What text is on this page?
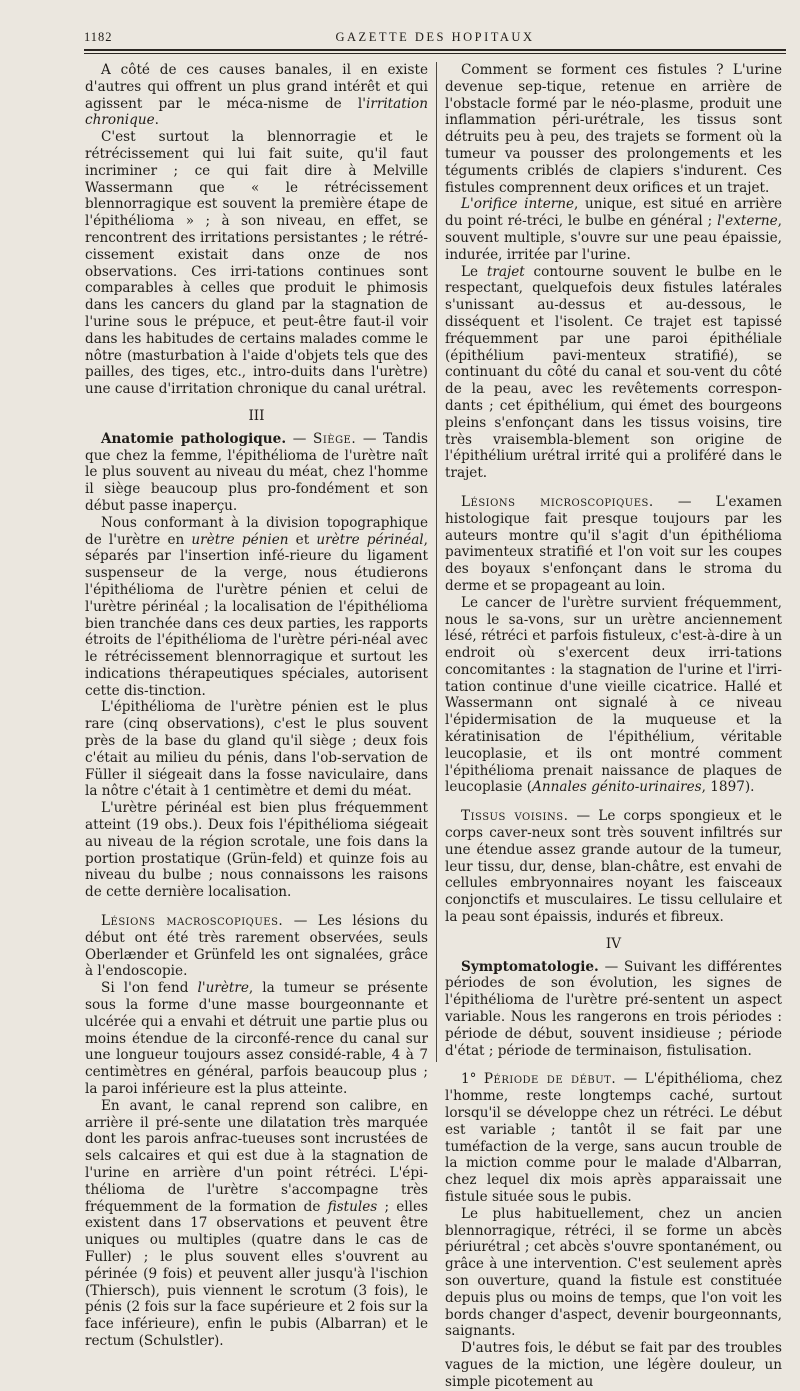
1182	GAZETTE DES HOPITAUX

A côté de ces causes banales, il en existe d'autres qui offrent un plus grand intérêt et qui agissent par le méca-nisme de l'irritation chronique.

C'est surtout la blennorragie et le rétrécissement qui lui fait suite, qu'il faut incriminer ; ce qui fait dire à Melville Wassermann que « le rétrécissement blennorragique est souvent la première étape de l'épithélioma » ; à son niveau, en effet, se rencontrent des irritations persistantes ; le rétré-cissement existait dans onze de nos observations. Ces irri-tations continues sont comparables à celles que produit le phimosis dans les cancers du gland par la stagnation de l'urine sous le prépuce, et peut-être faut-il voir dans les habitudes de certains malades comme le nôtre (masturbation à l'aide d'objets tels que des pailles, des tiges, etc., intro-duits dans l'urètre) une cause d'irritation chronique du canal urétral.

III

Anatomie pathologique. — Siège. — Tandis que chez la femme, l'épithélioma de l'urètre naît le plus souvent au niveau du méat, chez l'homme il siège beaucoup plus pro-fondément et son début passe inaperçu.

Nous conformant à la division topographique de l'urètre en urètre pénien et urètre périnéal, séparés par l'insertion infé-rieure du ligament suspenseur de la verge, nous étudierons l'épithélioma de l'urètre pénien et celui de l'urètre périnéal ; la localisation de l'épithélioma bien tranchée dans ces deux parties, les rapports étroits de l'épithélioma de l'urètre péri-néal avec le rétrécissement blennorragique et surtout les indications thérapeutiques spéciales, autorisent cette dis-tinction.

L'épithélioma de l'urètre pénien est le plus rare (cinq observations), c'est le plus souvent près de la base du gland qu'il siège ; deux fois c'était au milieu du pénis, dans l'ob-servation de Füller il siégeait dans la fosse naviculaire, dans la nôtre c'était à 1 centimètre et demi du méat.

L'urètre périnéal est bien plus fréquemment atteint (19 obs.). Deux fois l'épithélioma siégeait au niveau de la région scrotale, une fois dans la portion prostatique (Grün-feld) et quinze fois au niveau du bulbe ; nous connaissons les raisons de cette dernière localisation.

Lésions macroscopiques. — Les lésions du début ont été très rarement observées, seuls Oberlænder et Grünfeld les ont signalées, grâce à l'endoscopie.

Si l'on fend l'urètre, la tumeur se présente sous la forme d'une masse bourgeonnante et ulcérée qui a envahi et détruit une partie plus ou moins étendue de la circonfé-rence du canal sur une longueur toujours assez considé-rable, 4 à 7 centimètres en général, parfois beaucoup plus ; la paroi inférieure est la plus atteinte.

En avant, le canal reprend son calibre, en arrière il pré-sente une dilatation très marquée dont les parois anfrac-tueuses sont incrustées de sels calcaires et qui est due à la stagnation de l'urine en arrière d'un point rétréci. L'épi-thélioma de l'urètre s'accompagne très fréquemment de la formation de fistules ; elles existent dans 17 observations et peuvent être uniques ou multiples (quatre dans le cas de Fuller) ; le plus souvent elles s'ouvrent au périnée (9 fois) et peuvent aller jusqu'à l'ischion (Thiersch), puis viennent le scrotum (3 fois), le pénis (2 fois sur la face supérieure et 2 fois sur la face inférieure), enfin le pubis (Albarran) et le rectum (Schulstler).

Comment se forment ces fistules ? L'urine devenue sep-tique, retenue en arrière de l'obstacle formé par le néo-plasme, produit une inflammation péri-urétrale, les tissus sont détruits peu à peu, des trajets se forment où la tumeur va pousser des prolongements et les téguments criblés de clapiers s'indurent. Ces fistules comprennent deux orifices et un trajet.

L'orifice interne, unique, est situé en arrière du point ré-tréci, le bulbe en général ; l'externe, souvent multiple, s'ouvre sur une peau épaissie, indurée, irritée par l'urine.

Le trajet contourne souvent le bulbe en le respectant, quelquefois deux fistules latérales s'unissant au-dessus et au-dessous, le disséquent et l'isolent. Ce trajet est tapissé fréquemment par une paroi épithéliale (épithélium pavi-menteux stratifié), se continuant du côté du canal et sou-vent du côté de la peau, avec les revêtements correspon-dants ; cet épithélium, qui émet des bourgeons pleins s'enfonçant dans les tissus voisins, tire très vraisembla-blement son origine de l'épithélium urétral irrité qui a proliféré dans le trajet.

Lésions microscopiques. — L'examen histologique fait presque toujours par les auteurs montre qu'il s'agit d'un épithélioma pavimenteux stratifié et l'on voit sur les coupes des boyaux s'enfonçant dans le stroma du derme et se propageant au loin.

Le cancer de l'urètre survient fréquemment, nous le sa-vons, sur un urètre anciennement lésé, rétréci et parfois fistuleux, c'est-à-dire à un endroit où s'exercent deux irri-tations concomitantes : la stagnation de l'urine et l'irri-tation continue d'une vieille cicatrice. Hallé et Wassermann ont signalé à ce niveau l'épidermisation de la muqueuse et la kératinisation de l'épithélium, véritable leucoplasie, et ils ont montré comment l'épithélioma prenait naissance de plaques de leucoplasie (Annales génito-urinaires, 1897).

Tissus voisins. — Le corps spongieux et le corps caver-neux sont très souvent infiltrés sur une étendue assez grande autour de la tumeur, leur tissu, dur, dense, blan-châtre, est envahi de cellules embryonnaires noyant les faisceaux conjonctifs et musculaires. Le tissu cellulaire et la peau sont épaissis, indurés et fibreux.

IV

Symptomatologie. — Suivant les différentes périodes de son évolution, les signes de l'épithélioma de l'urètre pré-sentent un aspect variable. Nous les rangerons en trois périodes : période de début, souvent insidieuse ; période d'état ; période de terminaison, fistulisation.

1° Période de début. — L'épithélioma, chez l'homme, reste longtemps caché, surtout lorsqu'il se développe chez un rétréci. Le début est variable ; tantôt il se fait par une tuméfaction de la verge, sans aucun trouble de la miction comme pour le malade d'Albarran, chez lequel dix mois après apparaissait une fistule située sous le pubis.

Le plus habituellement, chez un ancien blennorragique, rétréci, il se forme un abcès périurétral ; cet abcès s'ouvre spontanément, ou grâce à une intervention. C'est seulement après son ouverture, quand la fistule est constituée depuis plus ou moins de temps, que l'on voit les bords changer d'aspect, devenir bourgeonnants, saignants.

D'autres fois, le début se fait par des troubles vagues de la miction, une légère douleur, un simple picotement au
